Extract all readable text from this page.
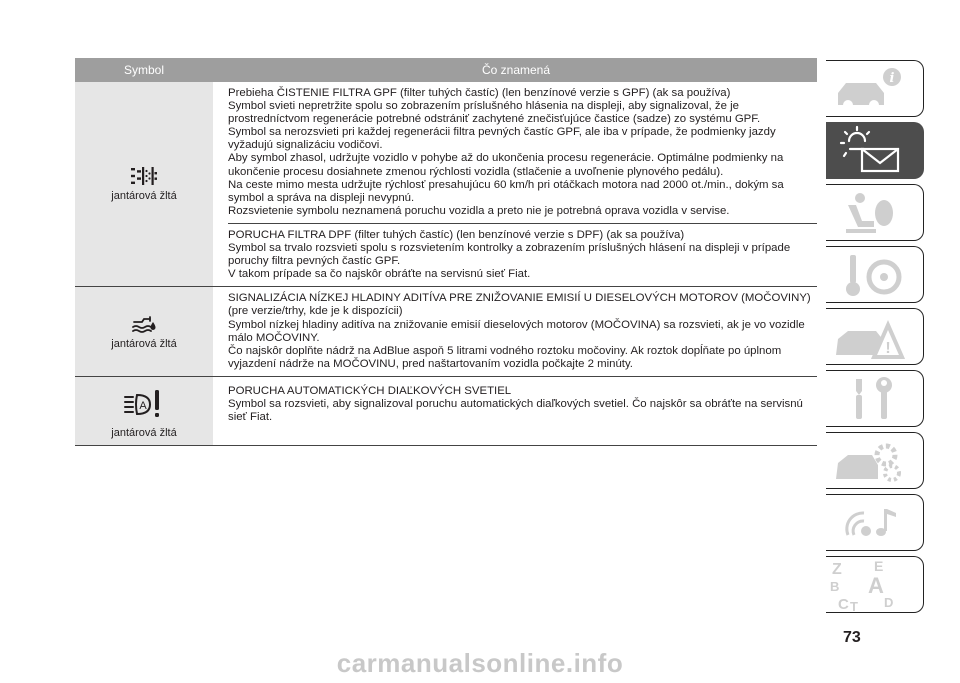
Symbol	Čo znamená
jantárová žltá
Prebieha ČISTENIE FILTRA GPF (filter tuhých častíc) (len benzínové verzie s GPF) (ak sa používa)
Symbol svieti nepretržite spolu so zobrazením príslušného hlásenia na displeji, aby signalizoval, že je
prostredníctvom regenerácie potrebné odstrániť zachytené znečisťujúce častice (sadze) zo systému GPF.
Symbol sa nerozsvieti pri každej regenerácii filtra pevných častíc GPF, ale iba v prípade, že podmienky jazdy
vyžadujú signalizáciu vodičovi.
Aby symbol zhasol, udržujte vozidlo v pohybe až do ukončenia procesu regenerácie. Optimálne podmienky na
ukončenie procesu dosiahnete zmenou rýchlosti vozidla (stlačenie a uvoľnenie plynového pedálu).
Na ceste mimo mesta udržujte rýchlosť presahujúcu 60 km/h pri otáčkach motora nad 2000 ot./min., dokým sa
symbol a správa na displeji nevypnú.
Rozsvietenie symbolu neznamená poruchu vozidla a preto nie je potrebná oprava vozidla v servise.
PORUCHA FILTRA DPF (filter tuhých častíc) (len benzínové verzie s DPF) (ak sa používa)
Symbol sa trvalo rozsvieti spolu s rozsvietením kontrolky a zobrazením príslušných hlásení na displeji v prípade
poruchy filtra pevných častíc GPF.
V takom prípade sa čo najskôr obráťte na servisnú sieť Fiat.
jantárová žltá
SIGNALIZÁCIA NÍZKEJ HLADINY ADITÍVA PRE ZNIŽOVANIE EMISIÍ U DIESELOVÝCH MOTOROV (MOČOVINY)
(pre verzie/trhy, kde je k dispozícii)
Symbol nízkej hladiny aditíva na znižovanie emisií dieselových motorov (MOČOVINA) sa rozsvieti, ak je vo vozidle
málo MOČOVINY.
Čo najskôr doplňte nádrž na AdBlue aspoň 5 litrami vodného roztoku močoviny. Ak roztok dopĺňate po úplnom
vyjazdení nádrže na MOČOVINU, pred naštartovaním vozidla počkajte 2 minúty.
A
jantárová žltá
PORUCHA AUTOMATICKÝCH DIAĽKOVÝCH SVETIEL
Symbol sa rozsvieti, aby signalizoval poruchu automatických diaľkových svetiel. Čo najskôr sa obráťte na servisnú
sieť Fiat.
i
!
Z E
B A
C T D
73
carmanualsonline.info
